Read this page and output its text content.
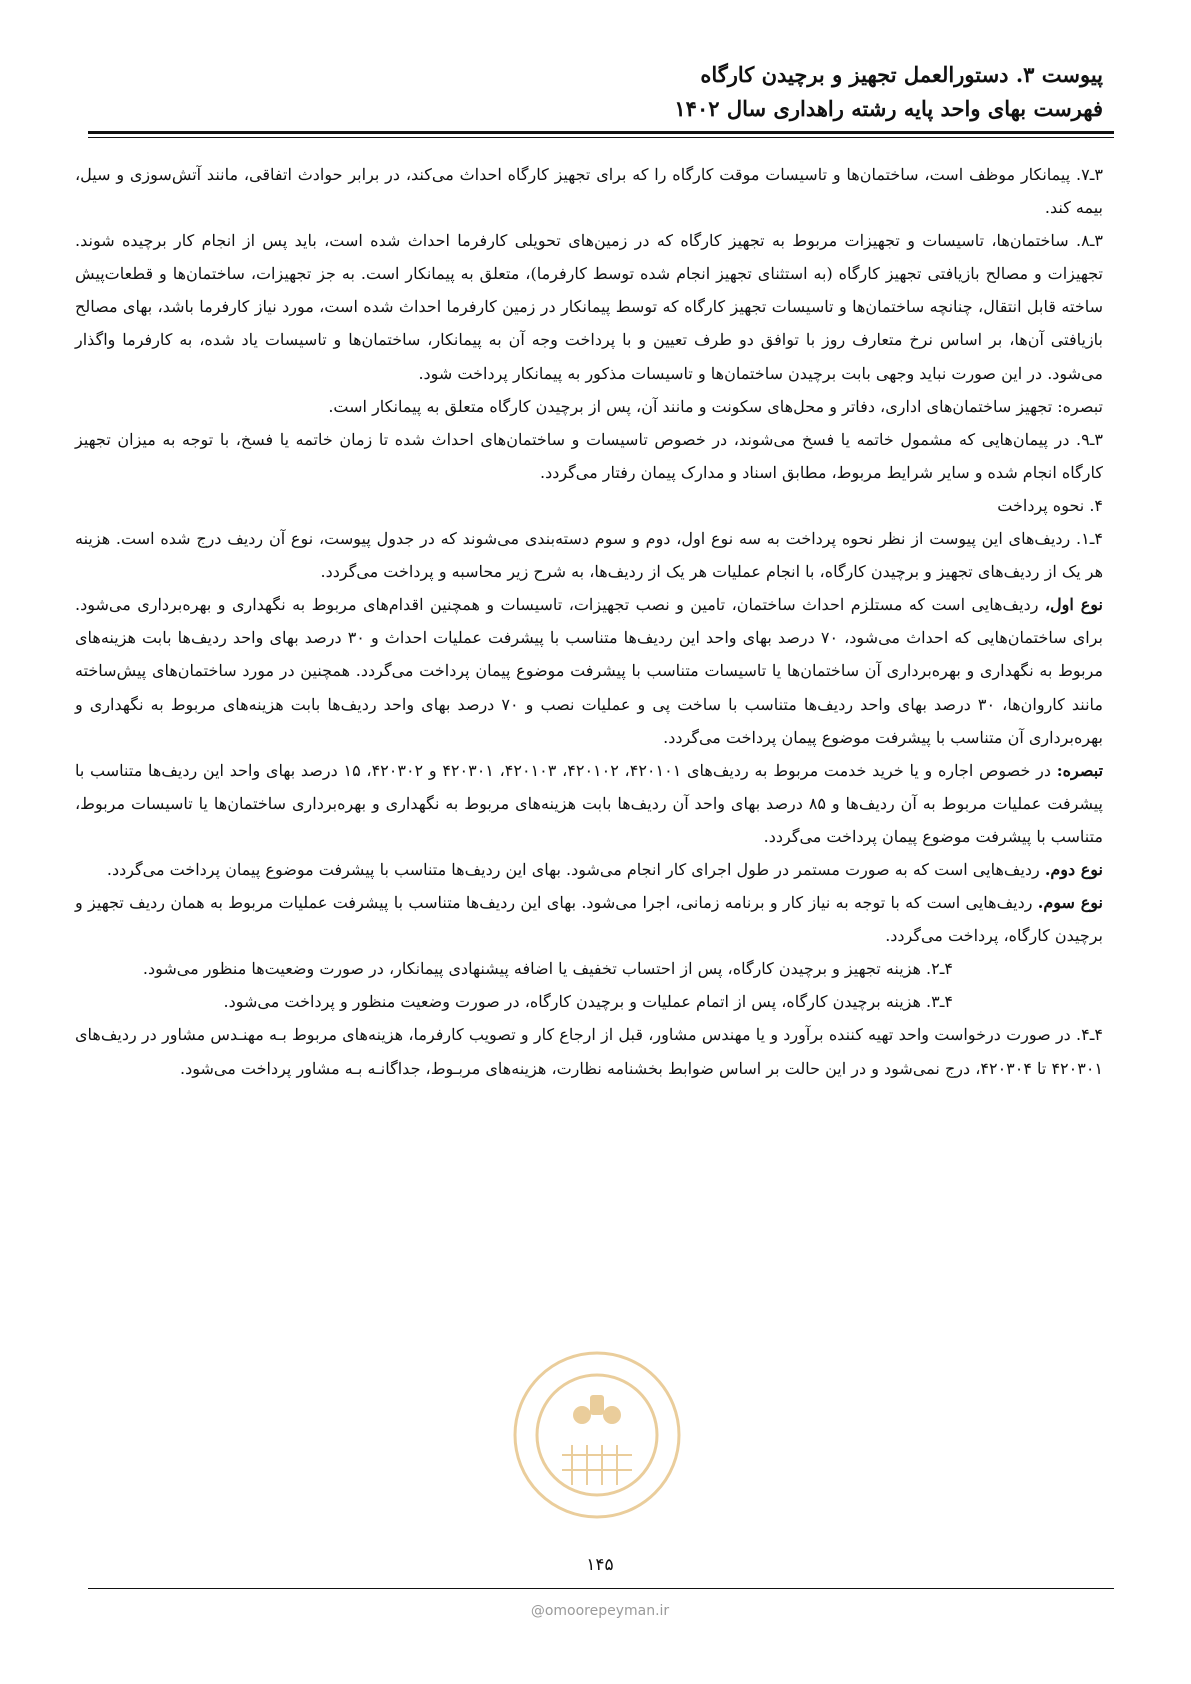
پیوست ۳. دستورالعمل تجهیز و برچیدن کارگاه
فهرست بهای واحد پایه رشته راهداری سال ۱۴۰۲

۳ـ۷. پیمانکار موظف است، ساختمان‌ها و تاسیسات موقت کارگاه را که برای تجهیز کارگاه احداث می‌کند، در برابر حوادث اتفاقی، مانند آتش‌سوزی و سیل، بیمه کند.

۳ـ۸. ساختمان‌ها، تاسیسات و تجهیزات مربوط به تجهیز کارگاه که در زمین‌های تحویلی کارفرما احداث شده است، باید پس از انجام کار برچیده شوند. تجهیزات و مصالح بازیافتی تجهیز کارگاه (به استثنای تجهیز انجام شده توسط کارفرما)، متعلق به پیمانکار است. به جز تجهیزات، ساختمان‌ها و قطعات‌پیش ساخته قابل انتقال، چنانچه ساختمان‌ها و تاسیسات تجهیز کارگاه که توسط پیمانکار در زمین کارفرما احداث شده است، مورد نیاز کارفرما باشد، بهای مصالح بازیافتی آن‌ها، بر اساس نرخ متعارف روز با توافق دو طرف تعیین و با پرداخت وجه آن به پیمانکار، ساختمان‌ها و تاسیسات یاد شده، به کارفرما واگذار می‌شود. در این صورت نباید وجهی بابت برچیدن ساختمان‌ها و تاسیسات مذکور به پیمانکار پرداخت شود.

تبصره: تجهیز ساختمان‌های اداری، دفاتر و محل‌های سکونت و مانند آن، پس از برچیدن کارگاه متعلق به پیمانکار است.

۳ـ۹. در پیمان‌هایی که مشمول خاتمه یا فسخ می‌شوند، در خصوص تاسیسات و ساختمان‌های احداث شده تا زمان خاتمه یا فسخ، با توجه به میزان تجهیز کارگاه انجام شده و سایر شرایط مربوط، مطابق اسناد و مدارک پیمان رفتار می‌گردد.

۴. نحوه پرداخت

۴ـ۱. ردیف‌های این پیوست از نظر نحوه پرداخت به سه نوع اول، دوم و سوم دسته‌بندی می‌شوند که در جدول پیوست، نوع آن ردیف درج شده است. هزینه هر یک از ردیف‌های تجهیز و برچیدن کارگاه، با انجام عملیات هر یک از ردیف‌ها، به شرح زیر محاسبه و پرداخت می‌گردد.

نوع اول، ردیف‌هایی است که مستلزم احداث ساختمان، تامین و نصب تجهیزات، تاسیسات و همچنین اقدام‌های مربوط به نگهداری و بهره‌برداری می‌شود. برای ساختمان‌هایی که احداث می‌شود، ۷۰ درصد بهای واحد این ردیف‌ها متناسب با پیشرفت عملیات احداث و ۳۰ درصد بهای واحد ردیف‌ها بابت هزینه‌های مربوط به نگهداری و بهره‌برداری آن ساختمان‌ها یا تاسیسات متناسب با پیشرفت موضوع پیمان پرداخت می‌گردد. همچنین در مورد ساختمان‌های پیش‌ساخته مانند کاروان‌ها، ۳۰ درصد بهای واحد ردیف‌ها متناسب با ساخت پی و عملیات نصب و ۷۰ درصد بهای واحد ردیف‌ها بابت هزینه‌های مربوط به نگهداری و بهره‌برداری آن متناسب با پیشرفت موضوع پیمان پرداخت می‌گردد.

تبصره: در خصوص اجاره و یا خرید خدمت مربوط به ردیف‌های ۴۲۰۱۰۱، ۴۲۰۱۰۲، ۴۲۰۱۰۳، ۴۲۰۳۰۱ و ۴۲۰۳۰۲، ۱۵ درصد بهای واحد این ردیف‌ها متناسب با پیشرفت عملیات مربوط به آن ردیف‌ها و ۸۵ درصد بهای واحد آن ردیف‌ها بابت هزینه‌های مربوط به نگهداری و بهره‌برداری ساختمان‌ها یا تاسیسات مربوط، متناسب با پیشرفت موضوع پیمان پرداخت می‌گردد.

نوع دوم. ردیف‌هایی است که به صورت مستمر در طول اجرای کار انجام می‌شود. بهای این ردیف‌ها متناسب با پیشرفت موضوع پیمان پرداخت می‌گردد.

نوع سوم. ردیف‌هایی است که با توجه به نیاز کار و برنامه زمانی، اجرا می‌شود. بهای این ردیف‌ها متناسب با پیشرفت عملیات مربوط به همان ردیف تجهیز و برچیدن کارگاه، پرداخت می‌گردد.

۴ـ۲. هزینه تجهیز و برچیدن کارگاه، پس از احتساب تخفیف یا اضافه پیشنهادی پیمانکار، در صورت وضعیت‌ها منظور می‌شود.

۴ـ۳. هزینه برچیدن کارگاه، پس از اتمام عملیات و برچیدن کارگاه، در صورت وضعیت منظور و پرداخت می‌شود.

۴ـ۴. در صورت درخواست واحد تهیه کننده برآورد و یا مهندس مشاور، قبل از ارجاع کار و تصویب کارفرما، هزینه‌های مربوط بـه مهنـدس مشاور در ردیف‌های ۴۲۰۳۰۱ تا ۴۲۰۳۰۴، درج نمی‌شود و در این حالت بر اساس ضوابط بخشنامه نظارت، هزینه‌های مربـوط، جداگانـه بـه مشاور پرداخت می‌شود.

۱۴۵
@omoorepeyman.ir
